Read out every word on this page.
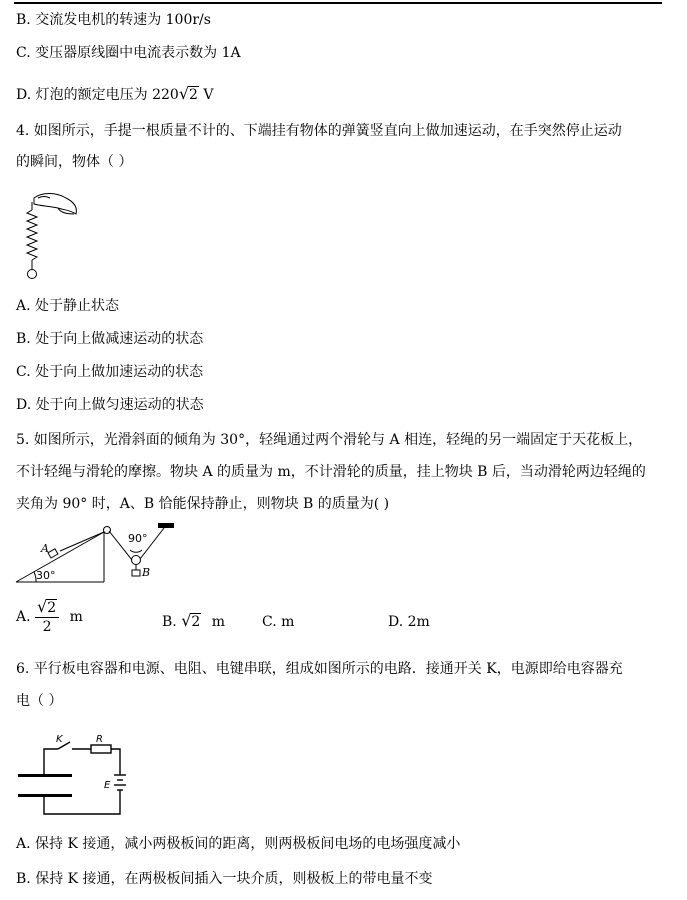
B. 交流发电机的转速为 100r/s
C. 变压器原线圈中电流表示数为 1A
D. 灯泡的额定电压为 220√2 V
4. 如图所示，手提一根质量不计的、下端挂有物体的弹簧竖直向上做加速运动，在手突然停止运动
的瞬间，物体（ ）
A. 处于静止状态
B. 处于向上做减速运动的状态
C. 处于向上做加速运动的状态
D. 处于向上做匀速运动的状态
5. 如图所示，光滑斜面的倾角为 30°，轻绳通过两个滑轮与 A 相连，轻绳的另一端固定于天花板上，
不计轻绳与滑轮的摩擦。物块 A 的质量为 m，不计滑轮的质量，挂上物块 B 后，当动滑轮两边轻绳的
夹角为 90° 时，A、B 恰能保持静止，则物块 B 的质量为( )
30°
90°
A
B
A. $\frac{√2}{2}$ m	B. √2 m	C. m	D. 2m
6. 平行板电容器和电源、电阻、电键串联，组成如图所示的电路．接通开关 K，电源即给电容器充
电（ ）
K	R
E
A. 保持 K 接通，减小两极板间的距离，则两极板间电场的电场强度减小
B. 保持 K 接通，在两极板间插入一块介质，则极板上的带电量不变
